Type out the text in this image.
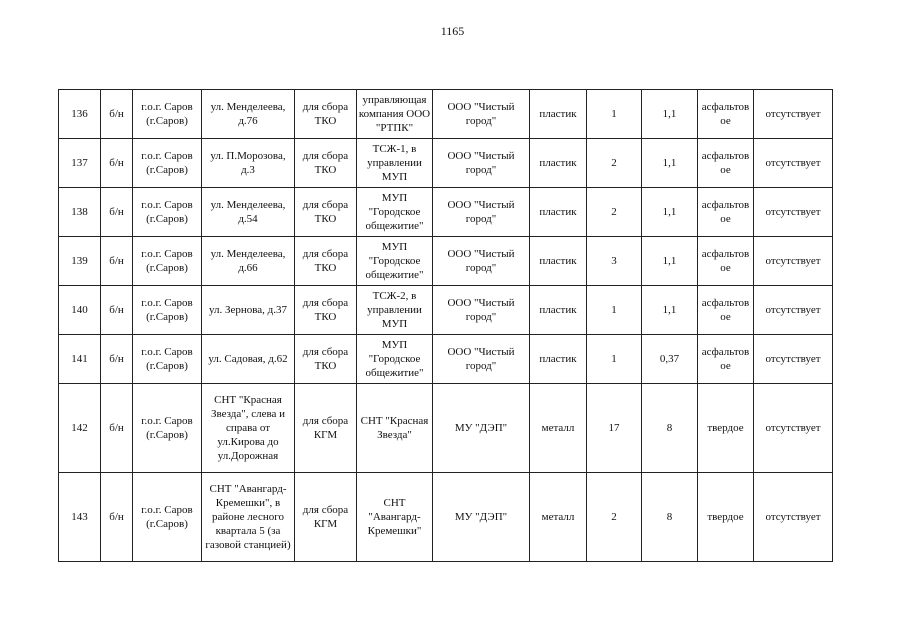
1165
136	б/н	г.о.г. Саров (г.Саров)	ул. Менделеева, д.76	для сбора ТКО	управляющая компания ООО "РТПК"	ООО "Чистый город"	пластик	1	1,1	асфальтов ое	отсутствует
137	б/н	г.о.г. Саров (г.Саров)	ул. П.Морозова, д.3	для сбора ТКО	ТСЖ-1, в управлении МУП	ООО "Чистый город"	пластик	2	1,1	асфальтов ое	отсутствует
138	б/н	г.о.г. Саров (г.Саров)	ул. Менделеева, д.54	для сбора ТКО	МУП "Городское общежитие"	ООО "Чистый город"	пластик	2	1,1	асфальтов ое	отсутствует
139	б/н	г.о.г. Саров (г.Саров)	ул. Менделеева, д.66	для сбора ТКО	МУП "Городское общежитие"	ООО "Чистый город"	пластик	3	1,1	асфальтов ое	отсутствует
140	б/н	г.о.г. Саров (г.Саров)	ул. Зернова, д.37	для сбора ТКО	ТСЖ-2, в управлении МУП	ООО "Чистый город"	пластик	1	1,1	асфальтов ое	отсутствует
141	б/н	г.о.г. Саров (г.Саров)	ул. Садовая, д.62	для сбора ТКО	МУП "Городское общежитие"	ООО "Чистый город"	пластик	1	0,37	асфальтов ое	отсутствует
142	б/н	г.о.г. Саров (г.Саров)	СНТ "Красная Звезда", слева и справа от ул.Кирова до ул.Дорожная	для сбора КГМ	СНТ "Красная Звезда"	МУ "ДЭП"	металл	17	8	твердое	отсутствует
143	б/н	г.о.г. Саров (г.Саров)	СНТ "Авангард-Кремешки", в районе лесного квартала 5 (за газовой станцией)	для сбора КГМ	СНТ "Авангард-Кремешки"	МУ "ДЭП"	металл	2	8	твердое	отсутствует
